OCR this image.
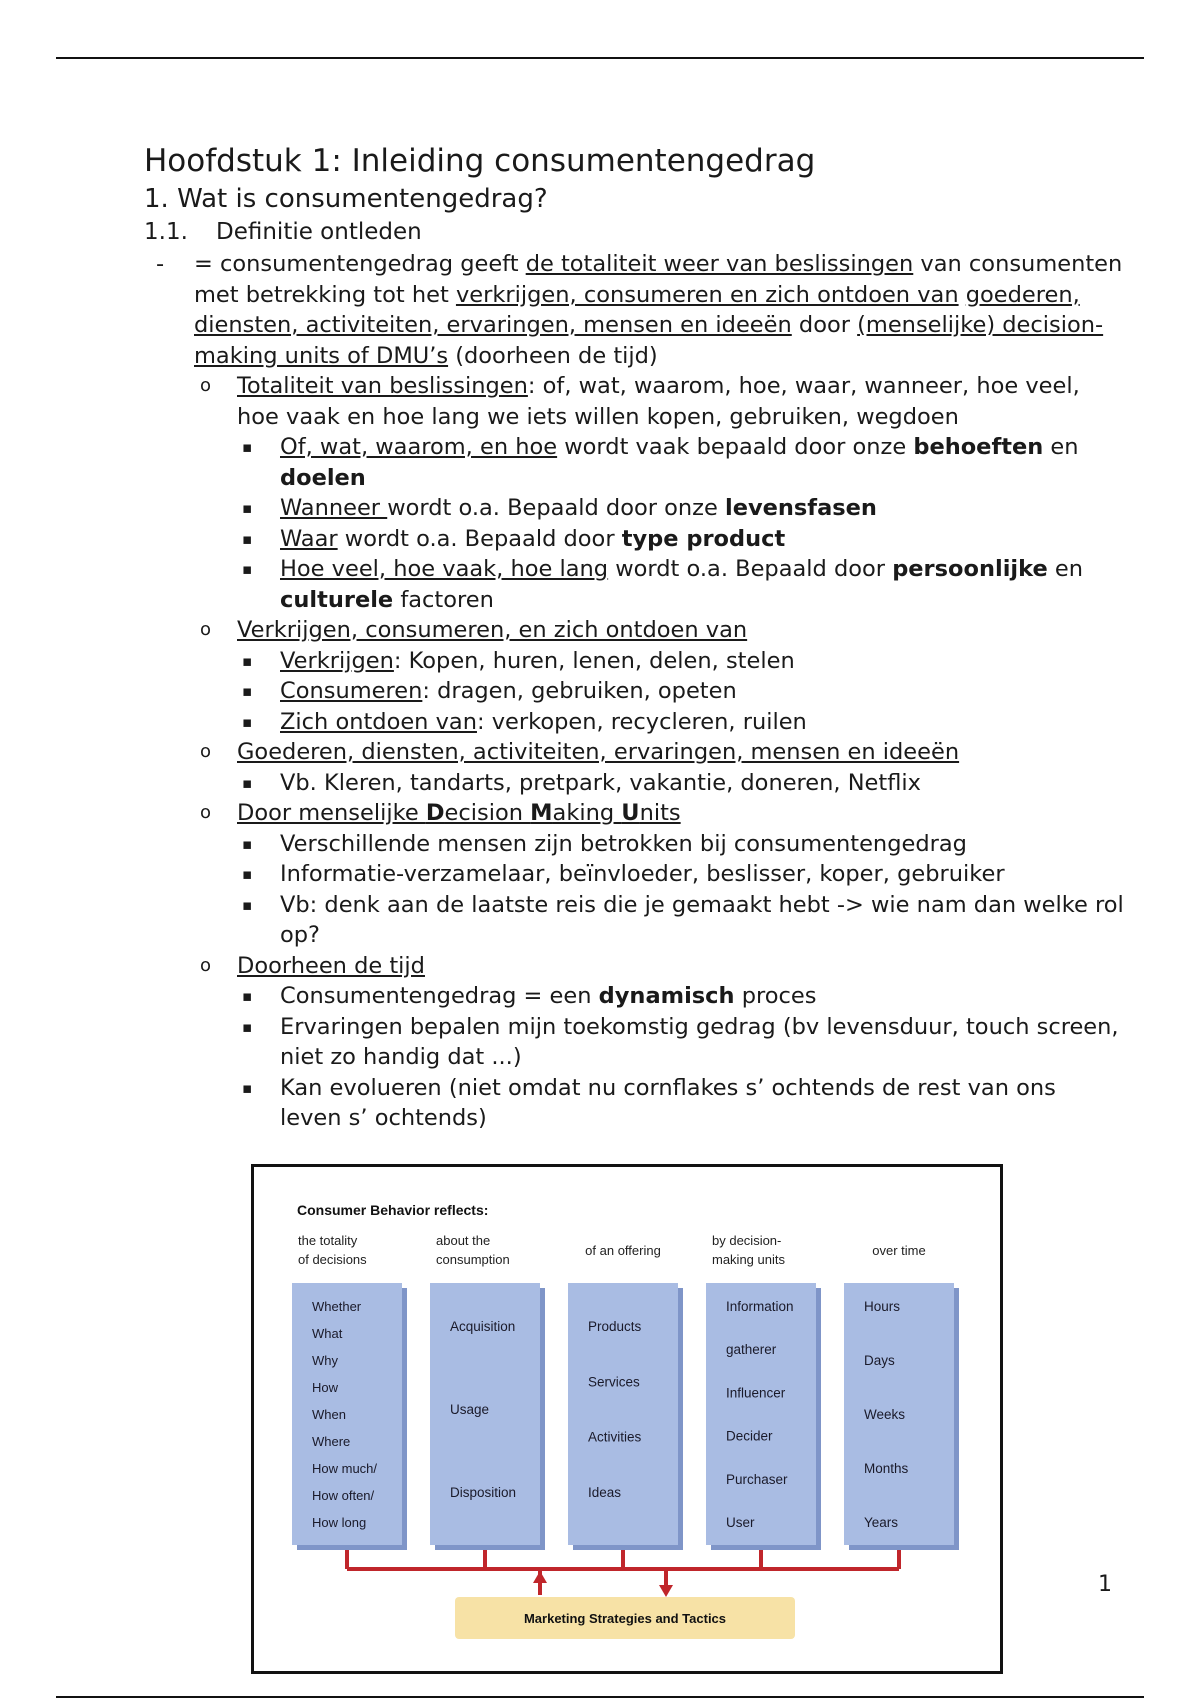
Hoofdstuk 1: Inleiding consumentengedrag
1. Wat is consumentengedrag?
1.1. Definitie ontleden
- = consumentengedrag geeft de totaliteit weer van beslissingen van consumenten met betrekking tot het verkrijgen, consumeren en zich ontdoen van goederen, diensten, activiteiten, ervaringen, mensen en ideeën door (menselijke) decision-making units of DMU’s (doorheen de tijd)
o Totaliteit van beslissingen: of, wat, waarom, hoe, waar, wanneer, hoe veel, hoe vaak en hoe lang we iets willen kopen, gebruiken, wegdoen
▪ Of, wat, waarom, en hoe wordt vaak bepaald door onze behoeften en doelen
▪ Wanneer wordt o.a. Bepaald door onze levensfasen
▪ Waar wordt o.a. Bepaald door type product
▪ Hoe veel, hoe vaak, hoe lang wordt o.a. Bepaald door persoonlijke en culturele factoren
o Verkrijgen, consumeren, en zich ontdoen van
▪ Verkrijgen: Kopen, huren, lenen, delen, stelen
▪ Consumeren: dragen, gebruiken, opeten
▪ Zich ontdoen van: verkopen, recycleren, ruilen
o Goederen, diensten, activiteiten, ervaringen, mensen en ideeën
▪ Vb. Kleren, tandarts, pretpark, vakantie, doneren, Netflix
o Door menselijke Decision Making Units
▪ Verschillende mensen zijn betrokken bij consumentengedrag
▪ Informatie-verzamelaar, beïnvloeder, beslisser, koper, gebruiker
▪ Vb: denk aan de laatste reis die je gemaakt hebt -> wie nam dan welke rol op?
o Doorheen de tijd
▪ Consumentengedrag = een dynamisch proces
▪ Ervaringen bepalen mijn toekomstig gedrag (bv levensduur, touch screen, niet zo handig dat ...)
▪ Kan evolueren (niet omdat nu cornflakes s’ ochtends de rest van ons leven s’ ochtends)
Consumer Behavior reflects:
the totality
of decisions
Whether
What
Why
How
When
Where
How much/
How often/
How long
about the
consumption
Acquisition
Usage
Disposition
of an offering
Products
Services
Activities
Ideas
by decision-
making units
Information
gatherer
Influencer
Decider
Purchaser
User
over time
Hours
Days
Weeks
Months
Years
Marketing Strategies and Tactics
1
